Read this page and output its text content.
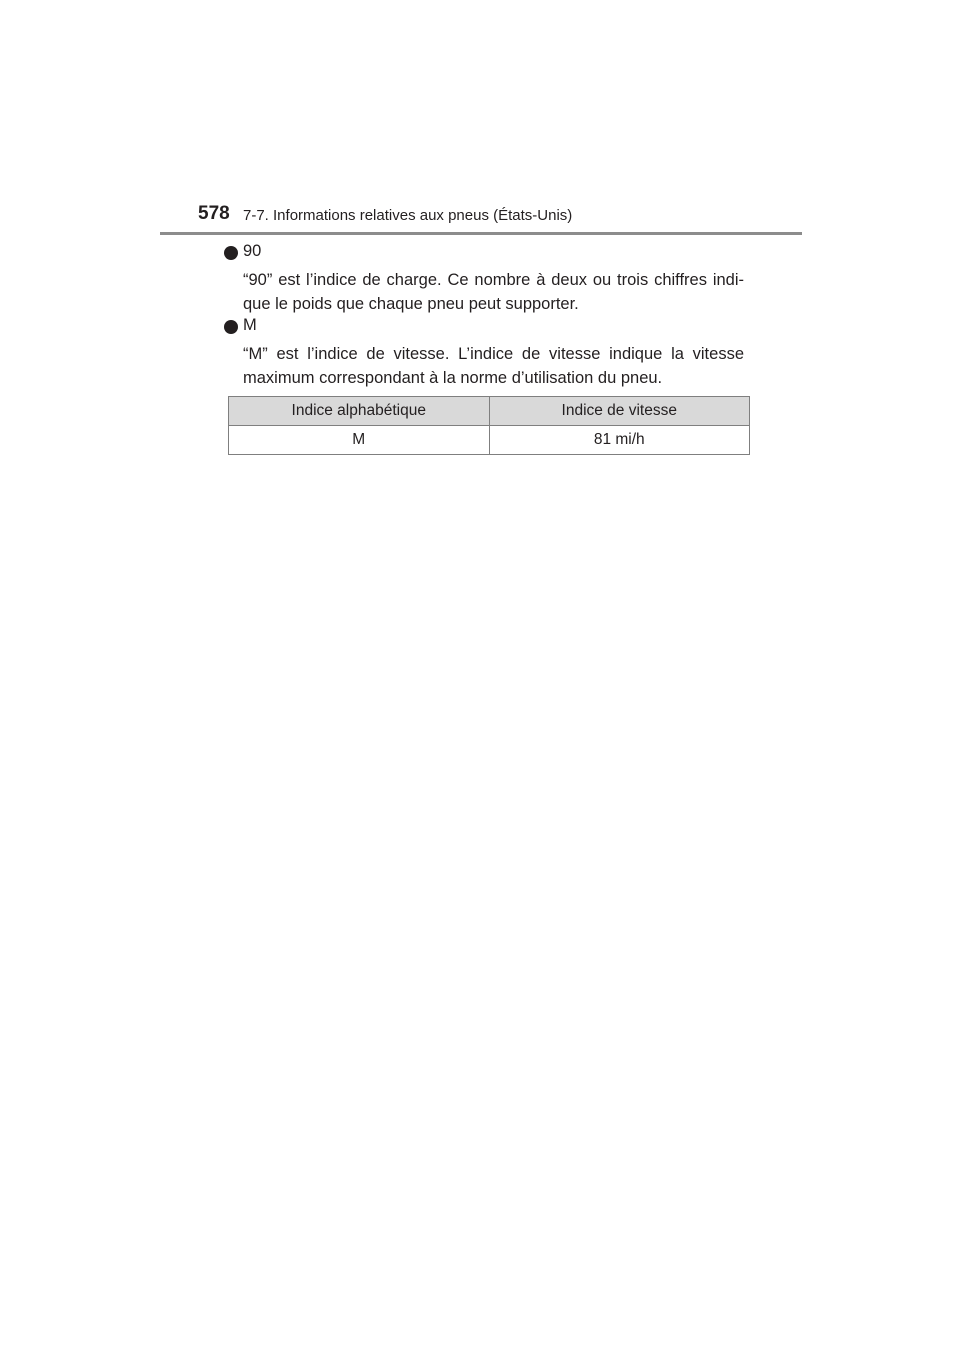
578 7-7. Informations relatives aux pneus (États-Unis)
90
“90” est l’indice de charge. Ce nombre à deux ou trois chiffres indi-
que le poids que chaque pneu peut supporter.
M
“M” est l’indice de vitesse. L’indice de vitesse indique la vitesse
maximum correspondant à la norme d’utilisation du pneu.
Indice alphabétique	Indice de vitesse
M	81 mi/h
